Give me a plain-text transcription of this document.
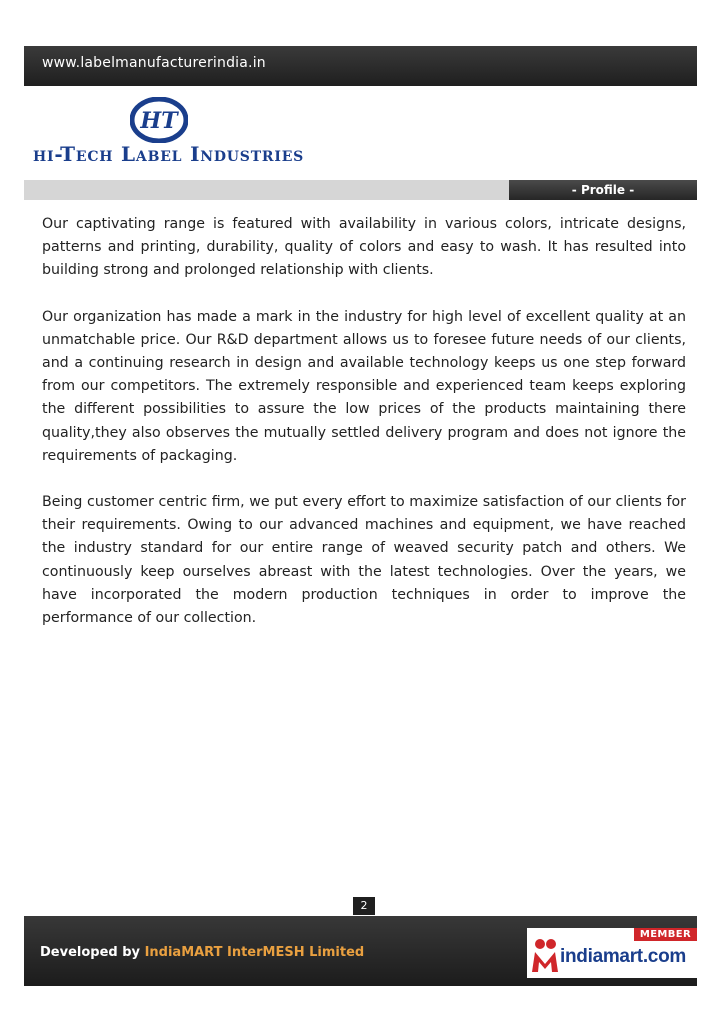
www.labelmanufacturerindia.in
HT
hi-Tech Label Industries
- Profile -

Our captivating range is featured with availability in various colors, intricate designs, patterns and printing, durability, quality of colors and easy to wash. It has resulted into building strong and prolonged relationship with clients.

Our organization has made a mark in the industry for high level of excellent quality at an unmatchable price. Our R&D department allows us to foresee future needs of our clients, and a continuing research in design and available technology keeps us one step forward from our competitors. The extremely responsible and experienced team keeps exploring the different possibilities to assure the low prices of the products maintaining there quality,they also observes the mutually settled delivery program and does not ignore the requirements of packaging.

Being customer centric firm, we put every effort to maximize satisfaction of our clients for their requirements. Owing to our advanced machines and equipment, we have reached the industry standard for our entire range of weaved security patch and others. We continuously keep ourselves abreast with the latest technologies. Over the years, we have incorporated the modern production techniques in order to improve the performance of our collection.

2
Developed by IndiaMART InterMESH Limited
MEMBER
indiamart.com
